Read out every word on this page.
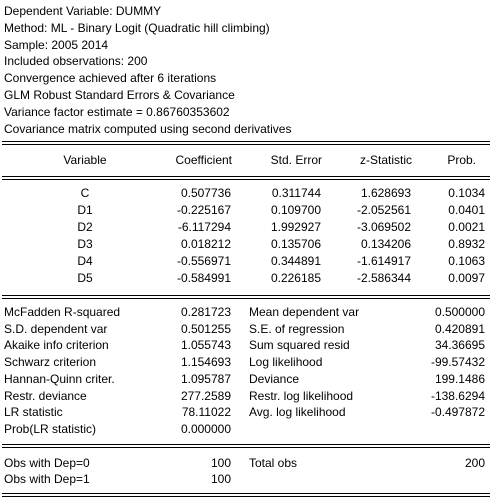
Dependent Variable: DUMMY
Method: ML - Binary Logit (Quadratic hill climbing)
Sample: 2005 2014
Included observations: 200
Convergence achieved after 6 iterations
GLM Robust Standard Errors & Covariance
Variance factor estimate = 0.86760353602
Covariance matrix computed using second derivatives
Variable	Coefficient	Std. Error	z-Statistic	Prob.
C	0.507736	0.311744	1.628693	0.1034
D1	-0.225167	0.109700	-2.052561	0.0401
D2	-6.117294	1.992927	-3.069502	0.0021
D3	0.018212	0.135706	0.134206	0.8932
D4	-0.556971	0.344891	-1.614917	0.1063
D5	-0.584991	0.226185	-2.586344	0.0097
McFadden R-squared	0.281723 Mean dependent var	0.500000
S.D. dependent var	0.501255 S.E. of regression	0.420891
Akaike info criterion	1.055743 Sum squared resid	34.36695
Schwarz criterion	1.154693 Log likelihood	-99.57432
Hannan-Quinn criter.	1.095787 Deviance	199.1486
Restr. deviance	277.2589 Restr. log likelihood	-138.6294
LR statistic	78.11022 Avg. log likelihood	-0.497872
Prob(LR statistic)	0.000000
Obs with Dep=0	100 Total obs	200
Obs with Dep=1	100
